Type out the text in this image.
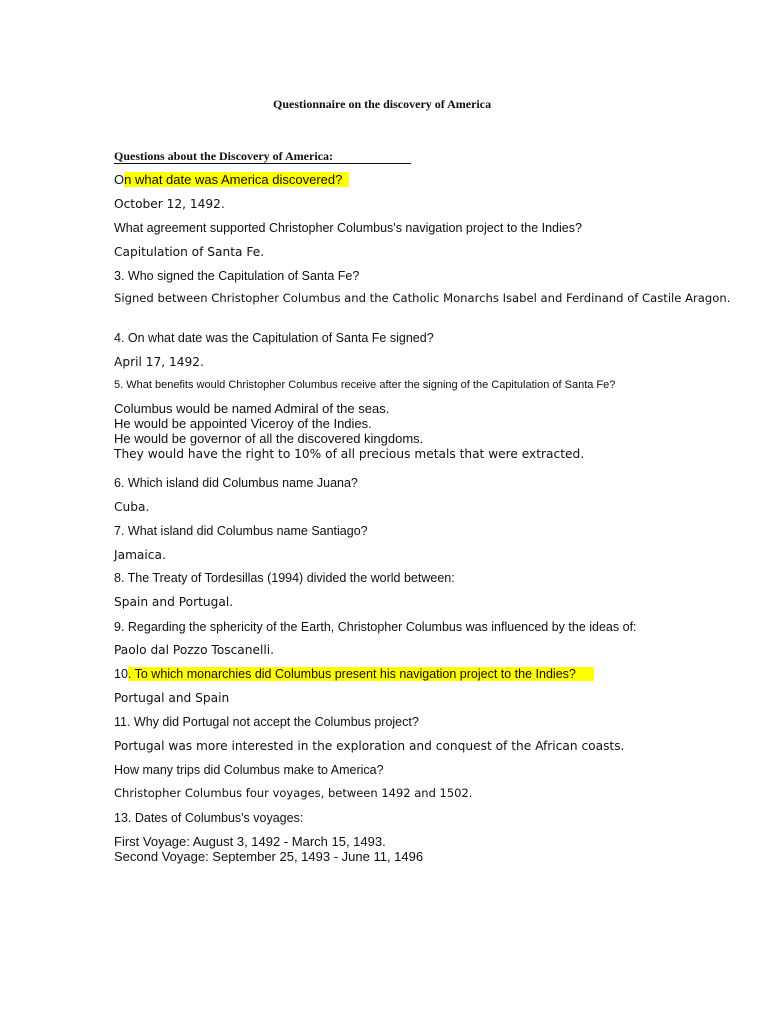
Questionnaire on the discovery of America
Questions about the Discovery of America:
On what date was America discovered?
October 12, 1492.
What agreement supported Christopher Columbus's navigation project to the Indies?
Capitulation of Santa Fe.
3. Who signed the Capitulation of Santa Fe?
Signed between Christopher Columbus and the Catholic Monarchs Isabel and Ferdinand of Castile Aragon.
4. On what date was the Capitulation of Santa Fe signed?
April 17, 1492.
5. What benefits would Christopher Columbus receive after the signing of the Capitulation of Santa Fe?
Columbus would be named Admiral of the seas.
He would be appointed Viceroy of the Indies.
He would be governor of all the discovered kingdoms.
They would have the right to 10% of all precious metals that were extracted.
6. Which island did Columbus name Juana?
Cuba.
7. What island did Columbus name Santiago?
Jamaica.
8. The Treaty of Tordesillas (1994) divided the world between:
Spain and Portugal.
9. Regarding the sphericity of the Earth, Christopher Columbus was influenced by the ideas of:
Paolo dal Pozzo Toscanelli.
10. To which monarchies did Columbus present his navigation project to the Indies?
Portugal and Spain
11. Why did Portugal not accept the Columbus project?
Portugal was more interested in the exploration and conquest of the African coasts.
How many trips did Columbus make to America?
Christopher Columbus four voyages, between 1492 and 1502.
13. Dates of Columbus's voyages:
First Voyage: August 3, 1492 - March 15, 1493.
Second Voyage: September 25, 1493 - June 11, 1496
